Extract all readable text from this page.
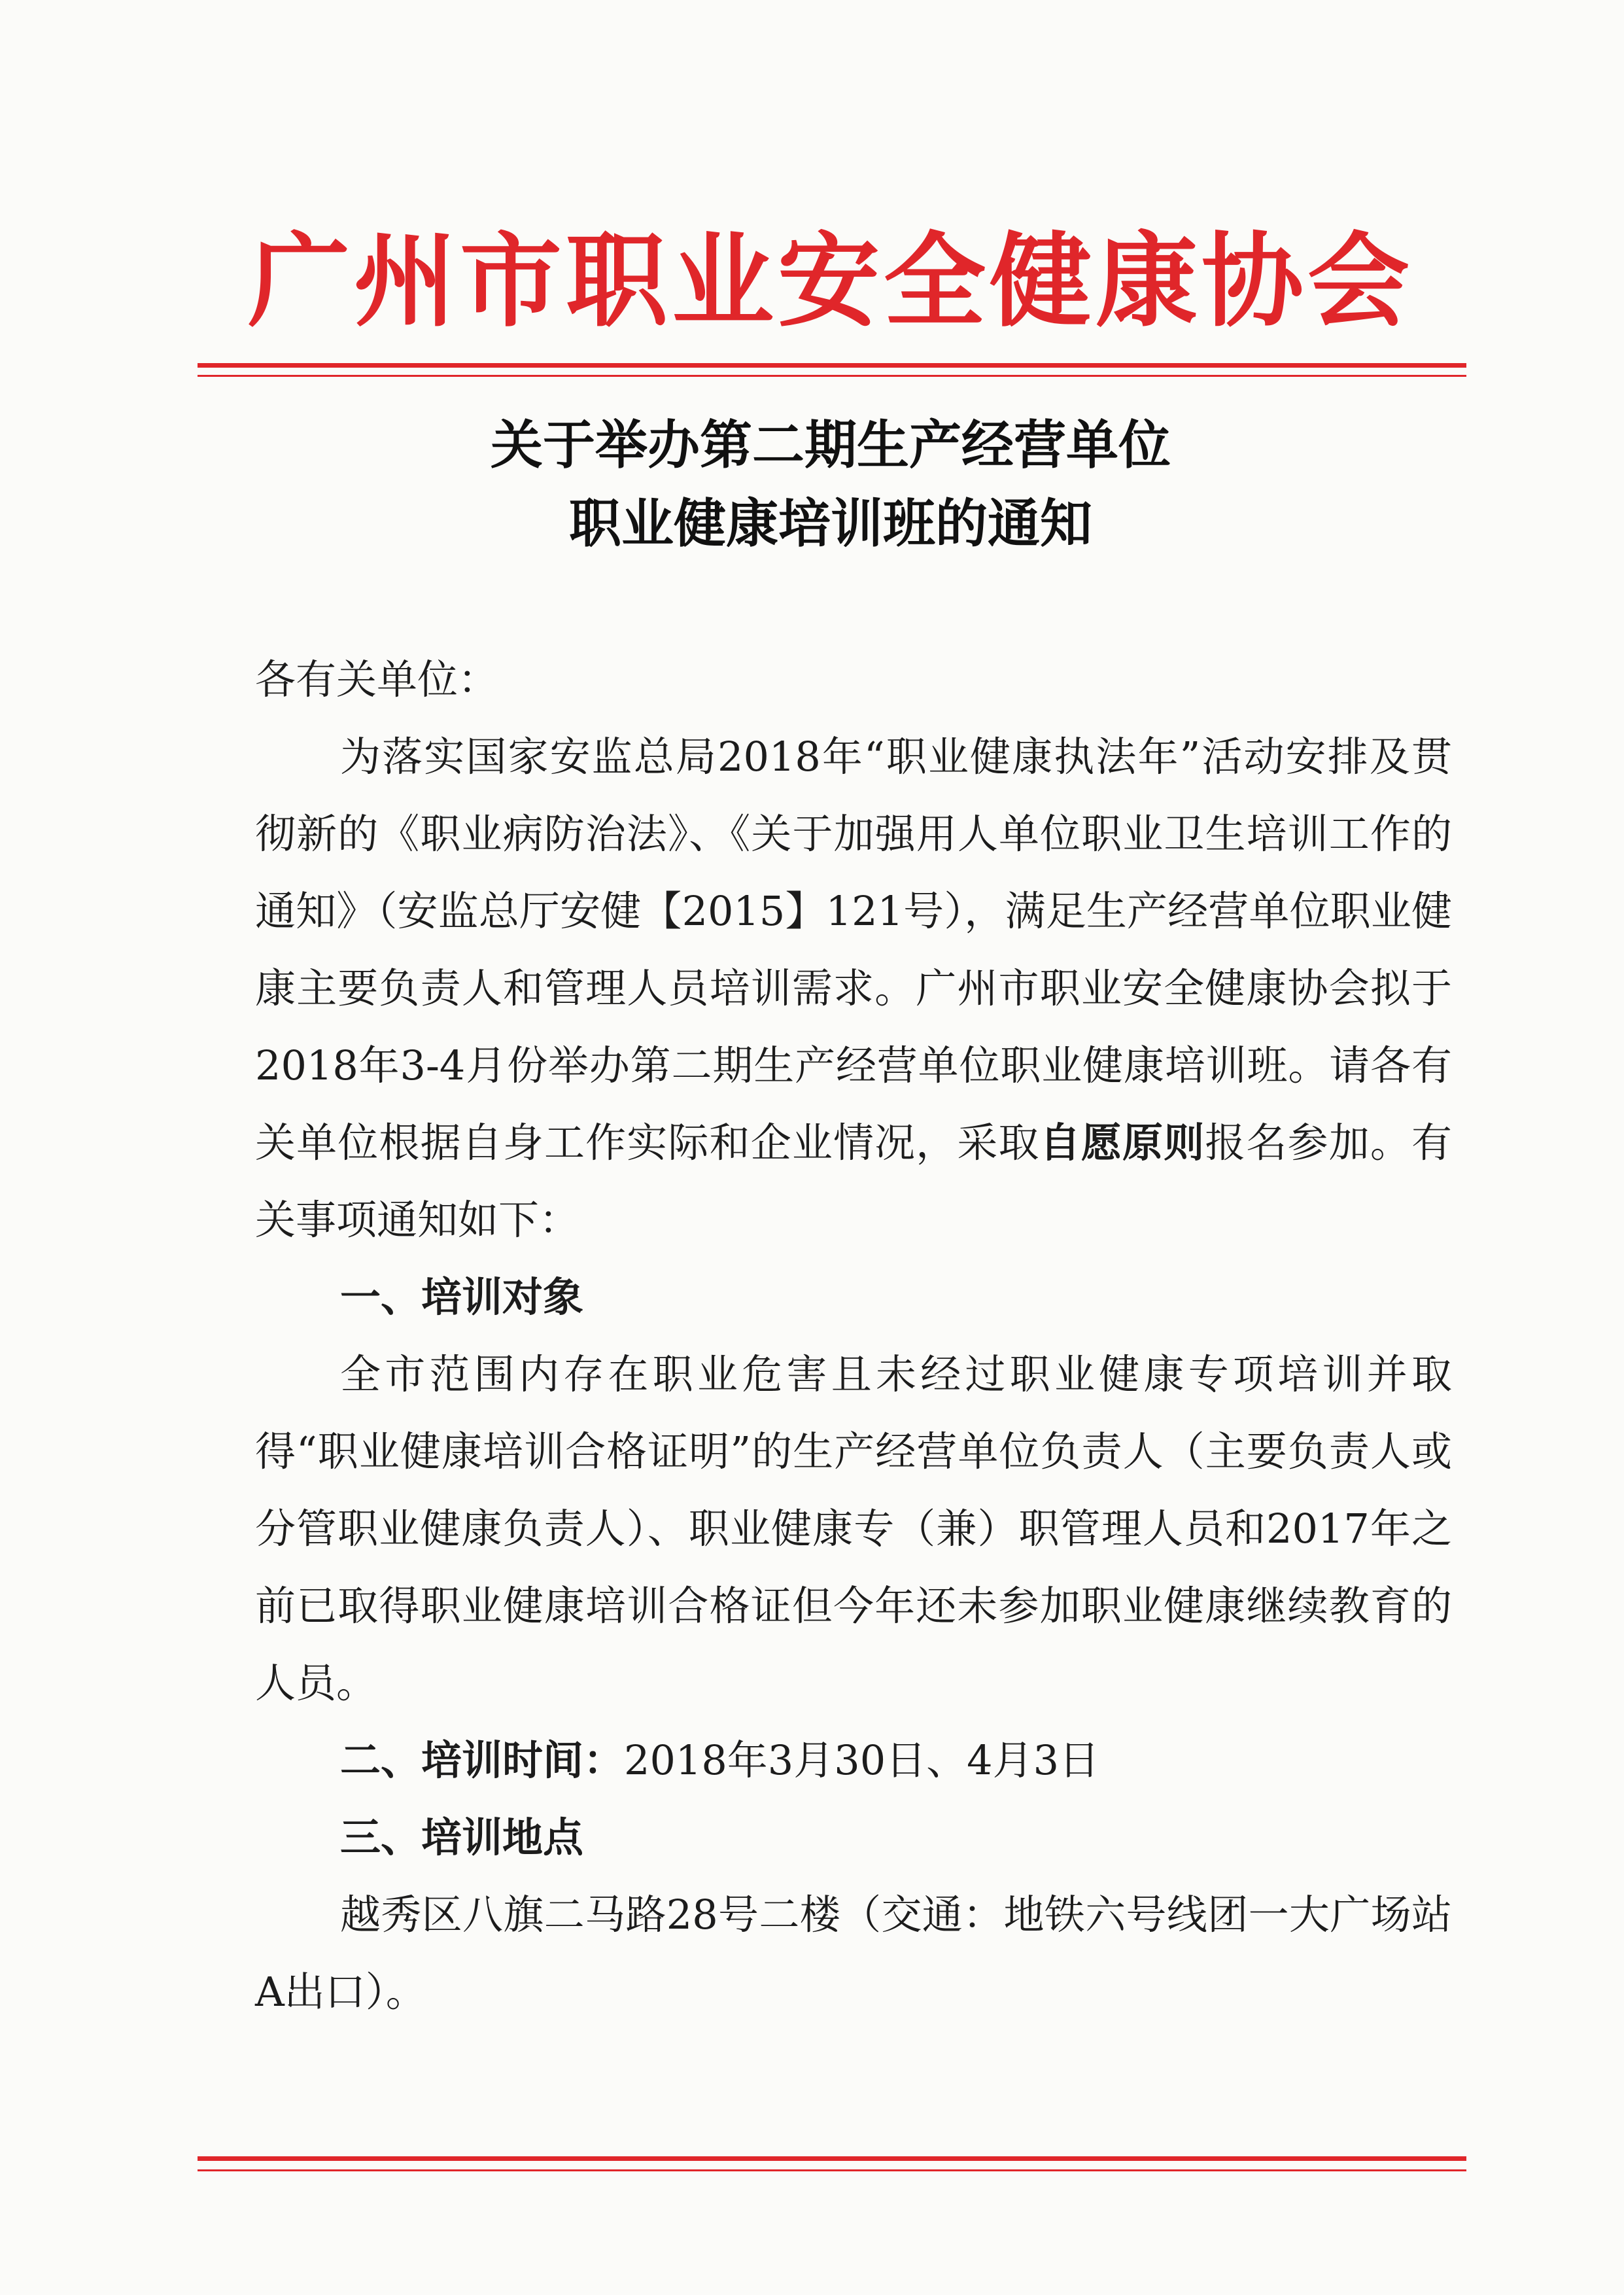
广州市职业安全健康协会
关于举办第二期生产经营单位
职业健康培训班的通知

各有关单位：

为落实国家安监总局2018年“职业健康执法年”活动安排及贯彻新的《职业病防治法》、《关于加强用人单位职业卫生培训工作的通知》（安监总厅安健【2015】121号），满足生产经营单位职业健康主要负责人和管理人员培训需求。广州市职业安全健康协会拟于2018年3-4月份举办第二期生产经营单位职业健康培训班。请各有关单位根据自身工作实际和企业情况，采取自愿原则报名参加。有关事项通知如下：

一、培训对象

全市范围内存在职业危害且未经过职业健康专项培训并取得“职业健康培训合格证明”的生产经营单位负责人（主要负责人或分管职业健康负责人）、职业健康专（兼）职管理人员和2017年之前已取得职业健康培训合格证但今年还未参加职业健康继续教育的人员。

二、培训时间：2018年3月30日、4月3日

三、培训地点

越秀区八旗二马路28号二楼（交通：地铁六号线团一大广场站A出口）。
